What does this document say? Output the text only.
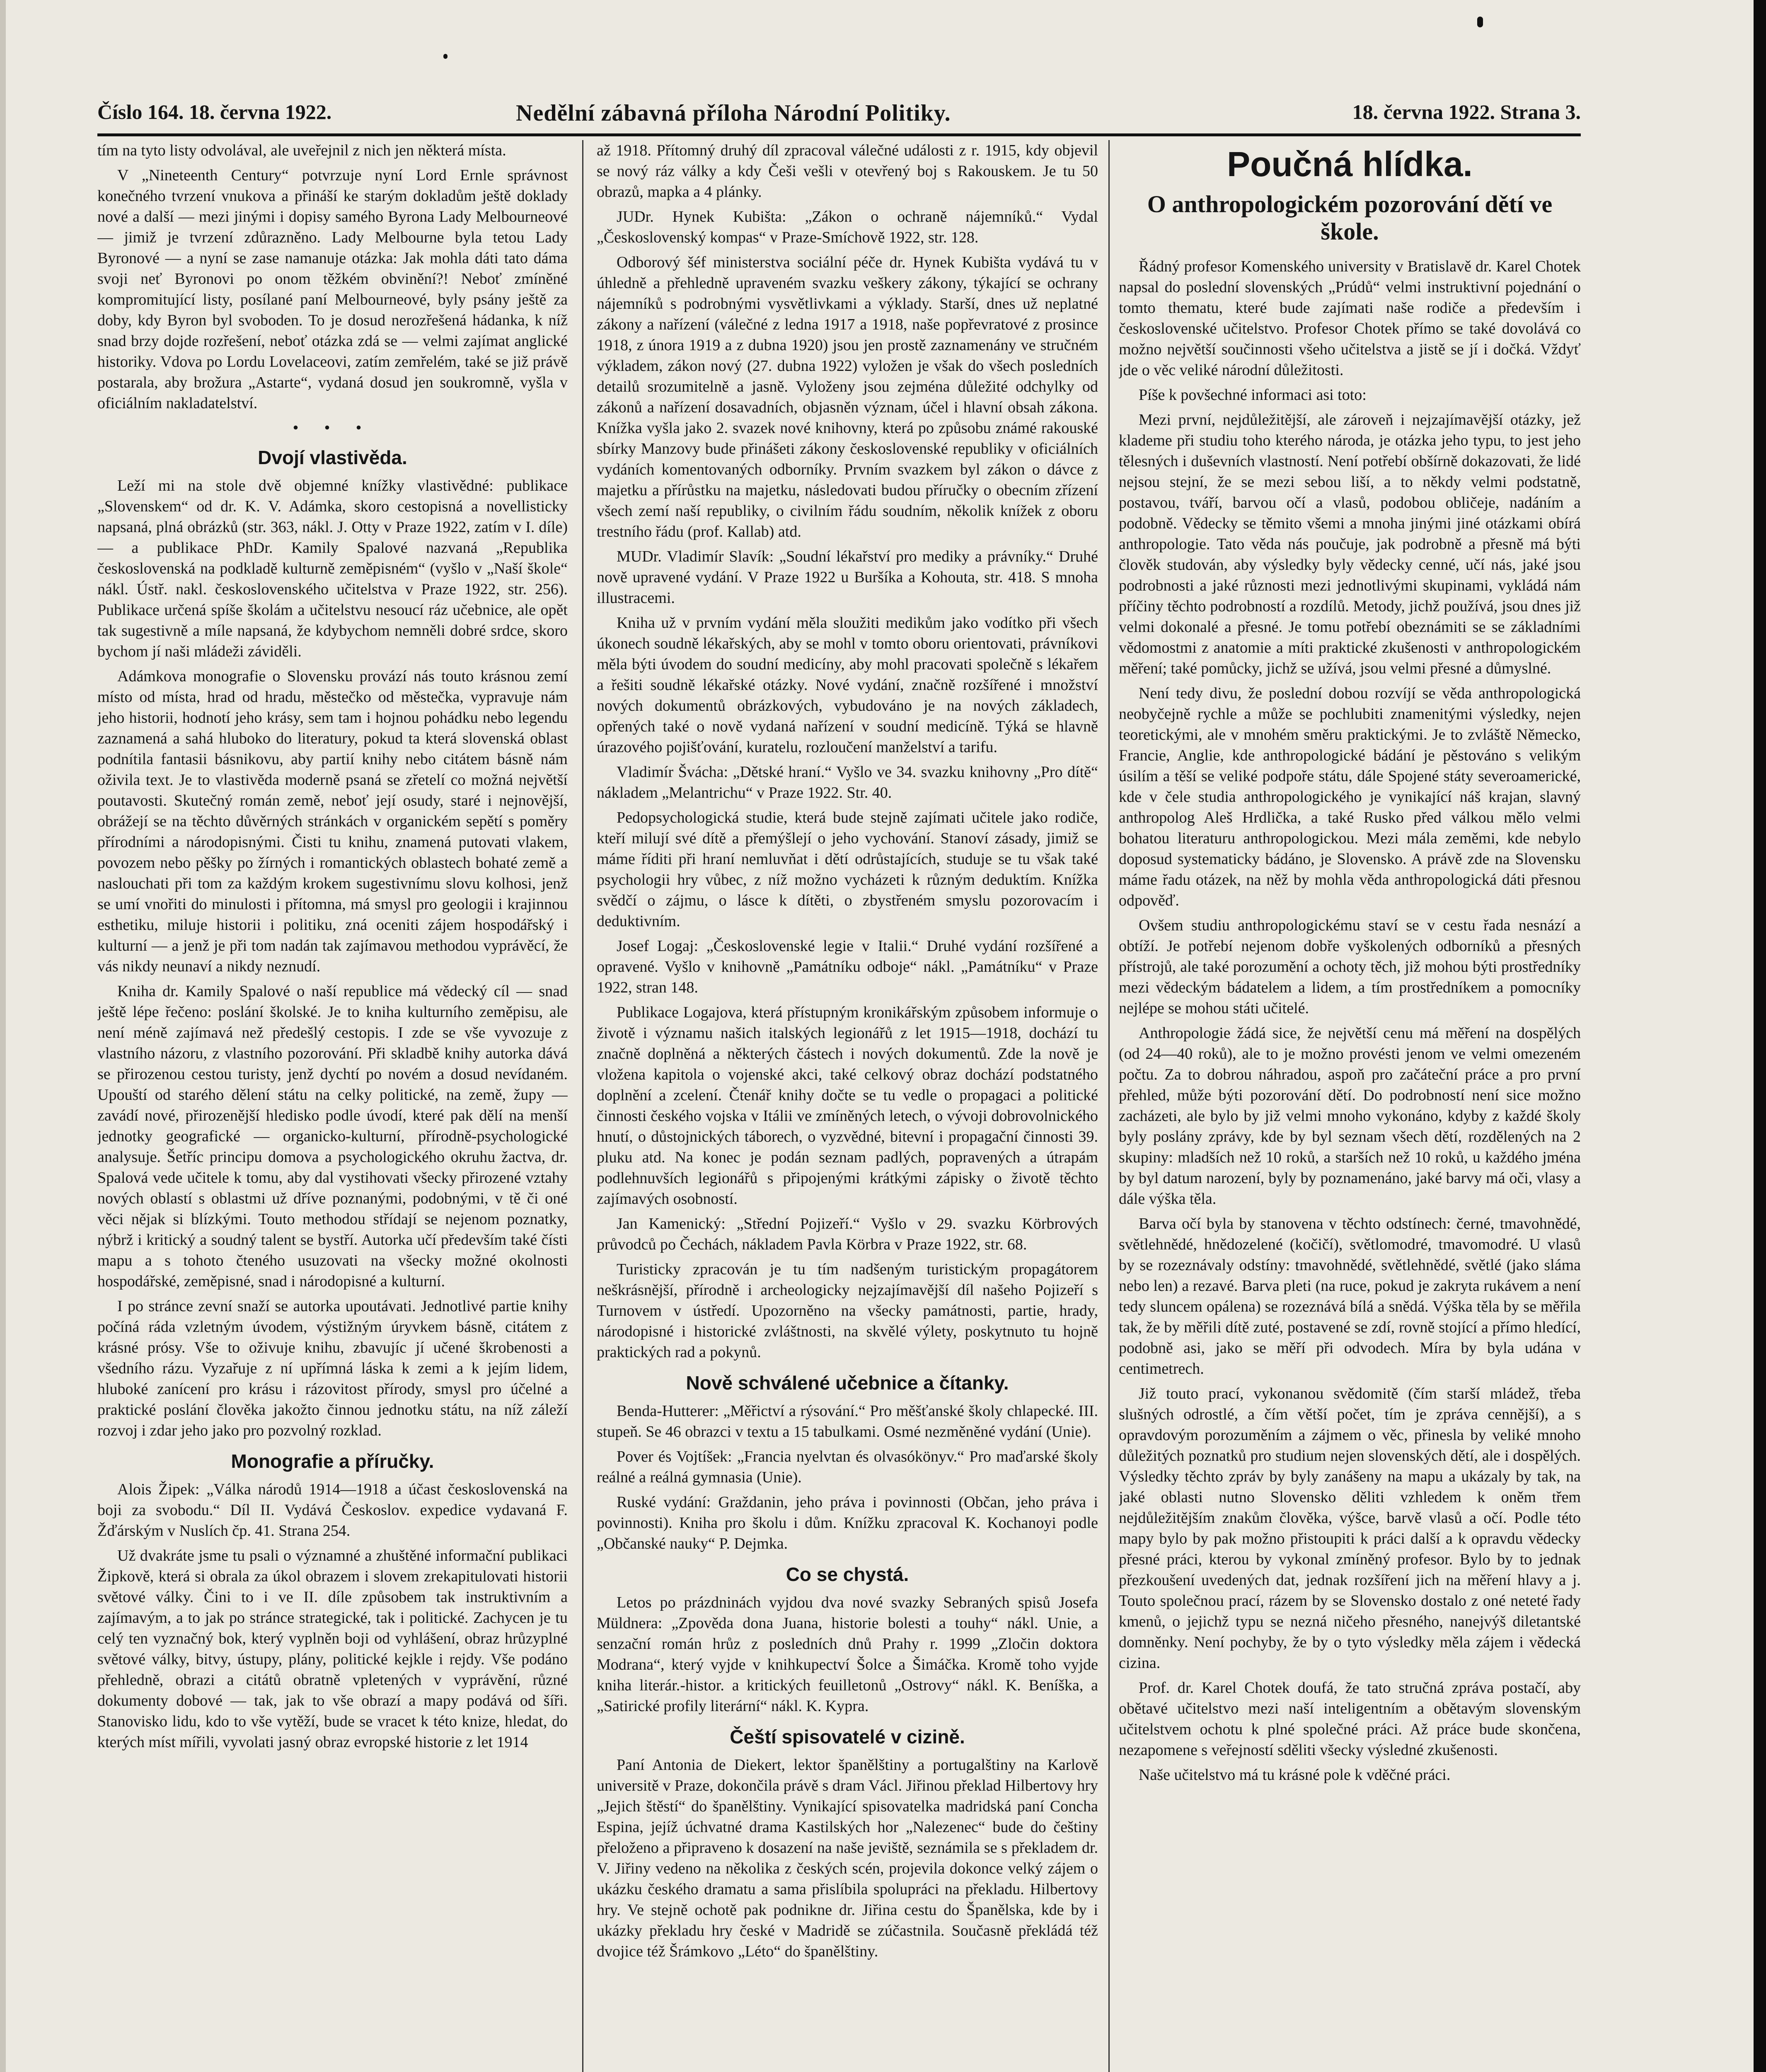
Číslo 164. 18. června 1922.	Nedělní zábavná příloha Národní Politiky.	18. června 1922. Strana 3.

tím na tyto listy odvolával, ale uveřejnil z nich jen některá místa.

V „Nineteenth Century“ potvrzuje nyní Lord Ernle správnost konečného tvrzení vnukova a přináší ke starým dokladům ještě doklady nové a další — mezi jinými i dopisy samého Byrona Lady Melbourneové — jimiž je tvrzení zdůrazněno. Lady Melbourne byla tetou Lady Byronové — a nyní se zase namanuje otázka: Jak mohla dáti tato dáma svoji neť Byronovi po onom těžkém obvinění?! Neboť zmíněné kompromitující listy, posílané paní Melbourneové, byly psány ještě za doby, kdy Byron byl svoboden. To je dosud nerozřešená hádanka, k níž snad brzy dojde rozřešení, neboť otázka zdá se — velmi zajímat anglické historiky. Vdova po Lordu Lovelaceovi, zatím zemřelém, také se již právě postarala, aby brožura „Astarte“, vydaná dosud jen soukromně, vyšla v oficiálním nakladatelství.

• • •
Dvojí vlastivěda.

Leží mi na stole dvě objemné knížky vlastivědné: publikace „Slovenskem“ od dr. K. V. Adámka, skoro cestopisná a novellisticky napsaná, plná obrázků (str. 363, nákl. J. Otty v Praze 1922, zatím v I. díle) — a publikace PhDr. Kamily Spalové nazvaná „Republika československá na podkladě kulturně zeměpisném“ (vyšlo v „Naší škole“ nákl. Ústř. nakl. československého učitelstva v Praze 1922, str. 256). Publikace určená spíše školám a učitelstvu nesoucí ráz učebnice, ale opět tak sugestivně a míle napsaná, že kdybychom nemněli dobré srdce, skoro bychom jí naši mládeži záviděli.

Adámkova monografie o Slovensku provází nás touto krásnou zemí místo od místa, hrad od hradu, městečko od městečka, vypravuje nám jeho historii, hodnotí jeho krásy, sem tam i hojnou pohádku nebo legendu zaznamená a sahá hluboko do literatury, pokud ta která slovenská oblast podnítila fantasii básnikovu, aby partií knihy nebo citátem básně nám oživila text. Je to vlastivěda moderně psaná se zřetelí co možná největší poutavosti. Skutečný román země, neboť její osudy, staré i nejnovější, obrážejí se na těchto důvěrných stránkách v organickém sepětí s poměry přírodními a národopisnými. Čisti tu knihu, znamená putovati vlakem, povozem nebo pěšky po žírných i romantických oblastech bohaté země a naslouchati při tom za každým krokem sugestivnímu slovu kolhosi, jenž se umí vnořiti do minulosti i přítomna, má smysl pro geologii i krajinnou esthetiku, miluje historii i politiku, zná oceniti zájem hospodářský i kulturní — a jenž je při tom nadán tak zajímavou methodou vyprávěcí, že vás nikdy neunaví a nikdy neznudí.

Kniha dr. Kamily Spalové o naší republice má vědecký cíl — snad ještě lépe řečeno: poslání školské. Je to kniha kulturního zeměpisu, ale není méně zajímavá než předešlý cestopis. I zde se vše vyvozuje z vlastního názoru, z vlastního pozorování. Při skladbě knihy autorka dává se přirozenou cestou turisty, jenž dychtí po novém a dosud nevídaném. Upouští od starého dělení státu na celky politické, na země, župy — zavádí nové, přirozenější hledisko podle úvodí, které pak dělí na menší jednotky geografické — organicko-kulturní, přírodně-psychologické analysuje. Šetříc principu domova a psychologického okruhu žactva, dr. Spalová vede učitele k tomu, aby dal vystihovati všecky přirozené vztahy nových oblastí s oblastmi už dříve poznanými, podobnými, v tě či oné věci nějak si blízkými. Touto methodou střídají se nejenom poznatky, nýbrž i kritický a soudný talent se bystří. Autorka učí především také čísti mapu a s tohoto čteného usuzovati na všecky možné okolnosti hospodářské, zeměpisné, snad i národopisné a kulturní.

I po stránce zevní snaží se autorka upoutávati. Jednotlivé partie knihy počíná ráda vzletným úvodem, výstižným úryvkem básně, citátem z krásné prósy. Vše to oživuje knihu, zbavujíc jí učené škrobenosti a všedního rázu. Vyzařuje z ní upřímná láska k zemi a k jejím lidem, hluboké zanícení pro krásu i rázovitost přírody, smysl pro účelné a praktické poslání člověka jakožto činnou jednotku státu, na níž záleží rozvoj i zdar jeho jako pro pozvolný rozklad.

Monografie a příručky.

Alois Žipek: „Válka národů 1914—1918 a účast československá na boji za svobodu.“ Díl II. Vydává Českoslov. expedice vydavaná F. Žďárským v Nuslích čp. 41. Strana 254.

Už dvakráte jsme tu psali o významné a zhuštěné informační publikaci Žipkově, která si obrala za úkol obrazem i slovem zrekapitulovati historii světové války. Čini to i ve II. díle způsobem tak instruktivním a zajímavým, a to jak po stránce strategické, tak i politické. Zachycen je tu celý ten vyznačný bok, který vyplněn boji od vyhlášení, obraz hrůzyplné světové války, bitvy, ústupy, plány, politické kejkle i rejdy. Vše podáno přehledně, obrazi a citátů obratně vpletených v vyprávění, různé dokumenty dobové — tak, jak to vše obrazí a mapy podává od šíři. Stanovisko lidu, kdo to vše vytěží, bude se vracet k této knize, hledat, do kterých míst mířili, vyvolati jasný obraz evropské historie z let 1914

až 1918. Přítomný druhý díl zpracoval válečné události z r. 1915, kdy objevil se nový ráz války a kdy Češi vešli v otevřený boj s Rakouskem. Je tu 50 obrazů, mapka a 4 plánky.

JUDr. Hynek Kubišta: „Zákon o ochraně nájemníků.“ Vydal „Československý kompas“ v Praze-Smíchově 1922, str. 128.

Odborový šéf ministerstva sociální péče dr. Hynek Kubišta vydává tu v úhledně a přehledně upraveném svazku veškery zákony, týkající se ochrany nájemníků s podrobnými vysvětlivkami a výklady. Starší, dnes už neplatné zákony a nařízení (válečné z ledna 1917 a 1918, naše popřevratové z prosince 1918, z února 1919 a z dubna 1920) jsou jen prostě zaznamenány ve stručném výkladem, zákon nový (27. dubna 1922) vyložen je však do všech posledních detailů srozumitelně a jasně. Vyloženy jsou zejména důležité odchylky od zákonů a nařízení dosavadních, objasněn význam, účel i hlavní obsah zákona. Knížka vyšla jako 2. svazek nové knihovny, která po způsobu známé rakouské sbírky Manzovy bude přinášeti zákony československé republiky v oficiálních vydáních komentovaných odborníky. Prvním svazkem byl zákon o dávce z majetku a přírůstku na majetku, následovati budou příručky o obecním zřízení všech zemí naší republiky, o civilním řádu soudním, několik knížek z oboru trestního řádu (prof. Kallab) atd.

MUDr. Vladimír Slavík: „Soudní lékařství pro mediky a právníky.“ Druhé nově upravené vydání. V Praze 1922 u Buršíka a Kohouta, str. 418. S mnoha illustracemi.

Kniha už v prvním vydání měla sloužiti medikům jako vodítko při všech úkonech soudně lékařských, aby se mohl v tomto oboru orientovati, právníkovi měla býti úvodem do soudní medicíny, aby mohl pracovati společně s lékařem a řešiti soudně lékařské otázky. Nové vydání, značně rozšířené i množství nových dokumentů obrázkových, vybudováno je na nových základech, opřených také o nově vydaná nařízení v soudní medicíně. Týká se hlavně úrazového pojišťování, kuratelu, rozloučení manželství a tarifu.

Vladimír Švácha: „Dětské hraní.“ Vyšlo ve 34. svazku knihovny „Pro dítě“ nákladem „Melantrichu“ v Praze 1922. Str. 40.

Pedopsychologická studie, která bude stejně zajímati učitele jako rodiče, kteří milují své dítě a přemýšlejí o jeho vychování. Stanoví zásady, jimiž se máme říditi při hraní nemluvňat i dětí odrůstajících, studuje se tu však také psychologii hry vůbec, z níž možno vycházeti k různým deduktím. Knížka svědčí o zájmu, o lásce k dítěti, o zbystřeném smyslu pozorovacím i deduktivním.

Josef Logaj: „Československé legie v Italii.“ Druhé vydání rozšířené a opravené. Vyšlo v knihovně „Památníku odboje“ nákl. „Památníku“ v Praze 1922, stran 148.

Publikace Logajova, která přístupným kronikářským způsobem informuje o životě i významu našich italských legionářů z let 1915—1918, dochází tu značně doplněná a některých částech i nových dokumentů. Zde la nově je vložena kapitola o vojenské akci, také celkový obraz dochází podstatného doplnění a zcelení. Čtenář knihy dočte se tu vedle o propagaci a politické činnosti českého vojska v Itálii ve zmíněných letech, o vývoji dobrovolnického hnutí, o důstojnických táborech, o vyzvědné, bitevní i propagační činnosti 39. pluku atd. Na konec je podán seznam padlých, popravených a útrapám podlehnuvších legionářů s připojenými krátkými zápisky o životě těchto zajímavých osobností.

Jan Kamenický: „Střední Pojizeří.“ Vyšlo v 29. svazku Körbrových průvodců po Čechách, nákladem Pavla Körbra v Praze 1922, str. 68.

Turisticky zpracován je tu tím nadšeným turistickým propagátorem neškrásnější, přírodně i archeologicky nejzajímavější díl našeho Pojizeří s Turnovem v ústředí. Upozorněno na všecky památnosti, partie, hrady, národopisné i historické zvláštnosti, na skvělé výlety, poskytnuto tu hojně praktických rad a pokynů.

Nově schválené učebnice a čítanky.

Benda-Hutterer: „Měřictví a rýsování.“ Pro měšťanské školy chlapecké. III. stupeň. Se 46 obrazci v textu a 15 tabulkami. Osmé nezměněné vydání (Unie).

Pover és Vojtíšek: „Francia nyelvtan és olvasókönyv.“ Pro maďarské školy reálné a reálná gymnasia (Unie).

Ruské vydání: Graždanin, jeho práva i povinnosti (Občan, jeho práva i povinnosti). Kniha pro školu i dům. Knížku zpracoval K. Kochanoyi podle „Občanské nauky“ P. Dejmka.

Co se chystá.

Letos po prázdninách vyjdou dva nové svazky Sebraných spisů Josefa Müldnera: „Zpověda dona Juana, historie bolesti a touhy“ nákl. Unie, a senzační román hrůz z posledních dnů Prahy r. 1999 „Zločin doktora Modrana“, který vyjde v knihkupectví Šolce a Šimáčka. Kromě toho vyjde kniha literár.-histor. a kritických feuilletonů „Ostrovy“ nákl. K. Beníška, a „Satirické profily literární“ nákl. K. Kypra.

Čeští spisovatelé v cizině.

Paní Antonia de Diekert, lektor španělštiny a portugalštiny na Karlově universitě v Praze, dokončila právě s dram Václ. Jiřinou překlad Hilbertovy hry „Jejich štěstí“ do španělštiny. Vynikající spisovatelka madridská paní Concha Espina, jejíž úchvatné drama Kastilských hor „Nalezenec“ bude do češtiny přeloženo a připraveno k dosazení na naše jeviště, seznámila se s překladem dr. V. Jiřiny vedeno na několika z českých scén, projevila dokonce velký zájem o ukázku českého dramatu a sama přislíbila spolupráci na překladu. Hilbertovy hry. Ve stejně ochotě pak podnikne dr. Jiřina cestu do Španělska, kde by i ukázky překladu hry české v Madridě se zúčastnila. Současně překládá též dvojice též Šrámkovo „Léto“ do španělštiny.

Poučná hlídka.
O anthropologickém pozorování dětí ve škole.

Řádný profesor Komenského university v Bratislavě dr. Karel Chotek napsal do poslední slovenských „Prúdů“ velmi instruktivní pojednání o tomto thematu, které bude zajímati naše rodiče a především i československé učitelstvo. Profesor Chotek přímo se také dovolává co možno největší součinnosti všeho učitelstva a jistě se jí i dočká. Vždyť jde o věc veliké národní důležitosti.

Píše k povšechné informaci asi toto:

Mezi první, nejdůležitější, ale zároveň i nejzajímavější otázky, jež klademe při studiu toho kterého národa, je otázka jeho typu, to jest jeho tělesných i duševních vlastností. Není potřebí obšírně dokazovati, že lidé nejsou stejní, že se mezi sebou liší, a to někdy velmi podstatně, postavou, tváří, barvou očí a vlasů, podobou obličeje, nadáním a podobně. Vědecky se těmito všemi a mnoha jinými jiné otázkami obírá anthropologie. Tato věda nás poučuje, jak podrobně a přesně má býti člověk studován, aby výsledky byly vědecky cenné, učí nás, jaké jsou podrobnosti a jaké různosti mezi jednotlivými skupinami, vykládá nám příčiny těchto podrobností a rozdílů. Metody, jichž používá, jsou dnes již velmi dokonalé a přesné. Je tomu potřebí obeznámiti se se základními vědomostmi z anatomie a míti praktické zkušenosti v anthropologickém měření; také pomůcky, jichž se užívá, jsou velmi přesné a důmyslné.

Není tedy divu, že poslední dobou rozvíjí se věda anthropologická neobyčejně rychle a může se pochlubiti znamenitými výsledky, nejen teoretickými, ale v mnohém směru praktickými. Je to zvláště Německo, Francie, Anglie, kde anthropologické bádání je pěstováno s velikým úsilím a těší se veliké podpoře státu, dále Spojené státy severoamerické, kde v čele studia anthropologického je vynikající náš krajan, slavný anthropolog Aleš Hrdlička, a také Rusko před válkou mělo velmi bohatou literaturu anthropologickou. Mezi mála zeměmi, kde nebylo doposud systematicky bádáno, je Slovensko. A právě zde na Slovensku máme řadu otázek, na něž by mohla věda anthropologická dáti přesnou odpověď.

Ovšem studiu anthropologickému staví se v cestu řada nesnází a obtíží. Je potřebí nejenom dobře vyškolených odborníků a přesných přístrojů, ale také porozumění a ochoty těch, již mohou býti prostředníky mezi vědeckým bádatelem a lidem, a tím prostředníkem a pomocníky nejlépe se mohou státi učitelé.

Anthropologie žádá sice, že největší cenu má měření na dospělých (od 24—40 roků), ale to je možno provésti jenom ve velmi omezeném počtu. Za to dobrou náhradou, aspoň pro začáteční práce a pro první přehled, může býti pozorování dětí. Do podrobností není sice možno zacházeti, ale bylo by již velmi mnoho vykonáno, kdyby z každé školy byly poslány zprávy, kde by byl seznam všech dětí, rozdělených na 2 skupiny: mladších než 10 roků, a starších než 10 roků, u každého jména by byl datum narození, byly by poznamenáno, jaké barvy má oči, vlasy a dále výška těla.

Barva očí byla by stanovena v těchto odstínech: černé, tmavohnědé, světlehnědé, hnědozelené (kočičí), světlomodré, tmavomodré. U vlasů by se rozeznávaly odstíny: tmavohnědé, světlehnědé, světlé (jako sláma nebo len) a rezavé. Barva pleti (na ruce, pokud je zakryta rukávem a není tedy sluncem opálena) se rozeznává bílá a snědá. Výška těla by se měřila tak, že by měřili dítě zuté, postavené se zdí, rovně stojící a přímo hledící, podobně asi, jako se měří při odvodech. Míra by byla udána v centimetrech.

Již touto prací, vykonanou svědomitě (čím starší mládež, třeba slušných odrostlé, a čím větší počet, tím je zpráva cennější), a s opravdovým porozuměním a zájmem o věc, přinesla by veliké mnoho důležitých poznatků pro studium nejen slovenských dětí, ale i dospělých. Výsledky těchto zpráv by byly zanášeny na mapu a ukázaly by tak, na jaké oblasti nutno Slovensko děliti vzhledem k oněm třem nejdůležitějším znakům člověka, výšce, barvě vlasů a očí. Podle této mapy bylo by pak možno přistoupiti k práci další a k opravdu vědecky přesné práci, kterou by vykonal zmíněný profesor. Bylo by to jednak přezkoušení uvedených dat, jednak rozšíření jich na měření hlavy a j. Touto společnou prací, rázem by se Slovensko dostalo z oné neteté řady kmenů, o jejichž typu se nezná ničeho přesného, nanejvýš diletantské domněnky. Není pochyby, že by o tyto výsledky měla zájem i vědecká cizina.

Prof. dr. Karel Chotek doufá, že tato stručná zpráva postačí, aby obětavé učitelstvo mezi naší inteligentním a obětavým slovenským učitelstvem ochotu k plné společné práci. Až práce bude skončena, nezapomene s veřejností sděliti všecky výsledné zkušenosti.

Naše učitelstvo má tu krásné pole k vděčné práci.
